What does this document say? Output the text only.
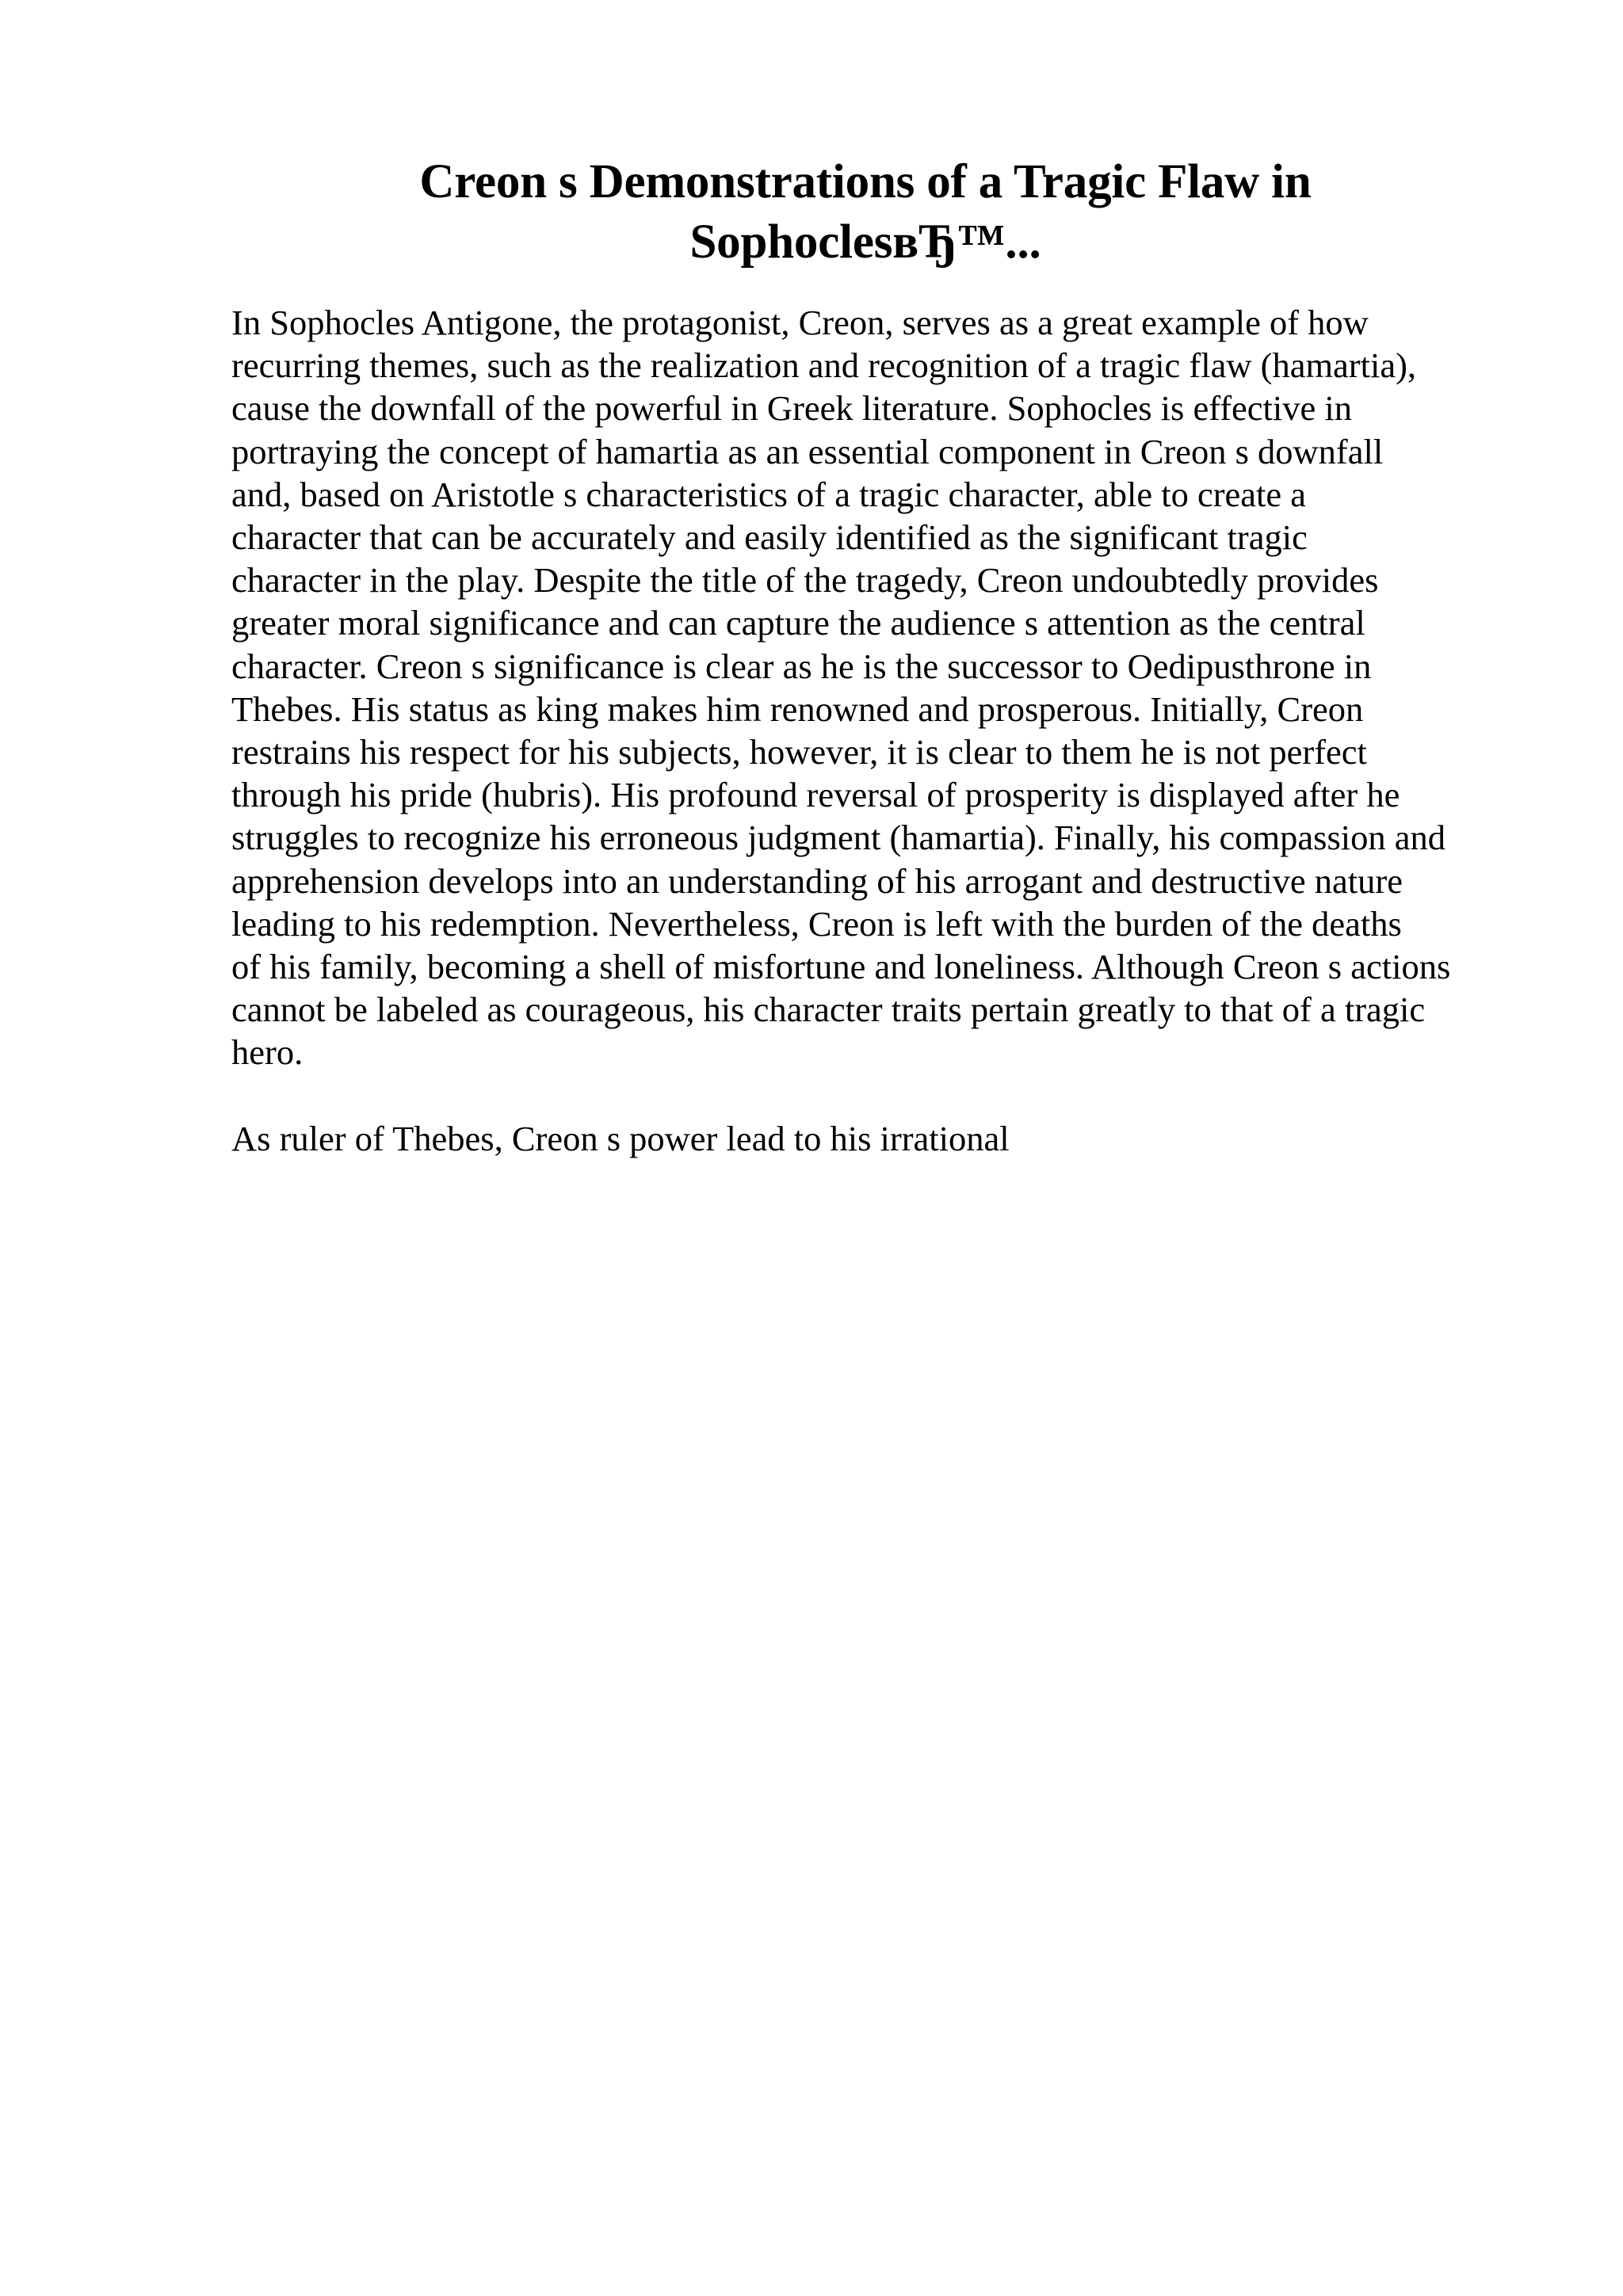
Creon s Demonstrations of a Tragic Flaw in
SophoclesвЂ™...
In Sophocles Antigone, the protagonist, Creon, serves as a great example of how
recurring themes, such as the realization and recognition of a tragic flaw (hamartia),
cause the downfall of the powerful in Greek literature. Sophocles is effective in
portraying the concept of hamartia as an essential component in Creon s downfall
and, based on Aristotle s characteristics of a tragic character, able to create a
character that can be accurately and easily identified as the significant tragic
character in the play. Despite the title of the tragedy, Creon undoubtedly provides
greater moral significance and can capture the audience s attention as the central
character. Creon s significance is clear as he is the successor to Oedipusthrone in
Thebes. His status as king makes him renowned and prosperous. Initially, Creon
restrains his respect for his subjects, however, it is clear to them he is not perfect
through his pride (hubris). His profound reversal of prosperity is displayed after he
struggles to recognize his erroneous judgment (hamartia). Finally, his compassion and
apprehension develops into an understanding of his arrogant and destructive nature
leading to his redemption. Nevertheless, Creon is left with the burden of the deaths
of his family, becoming a shell of misfortune and loneliness. Although Creon s actions
cannot be labeled as courageous, his character traits pertain greatly to that of a tragic
hero.
As ruler of Thebes, Creon s power lead to his irrational
